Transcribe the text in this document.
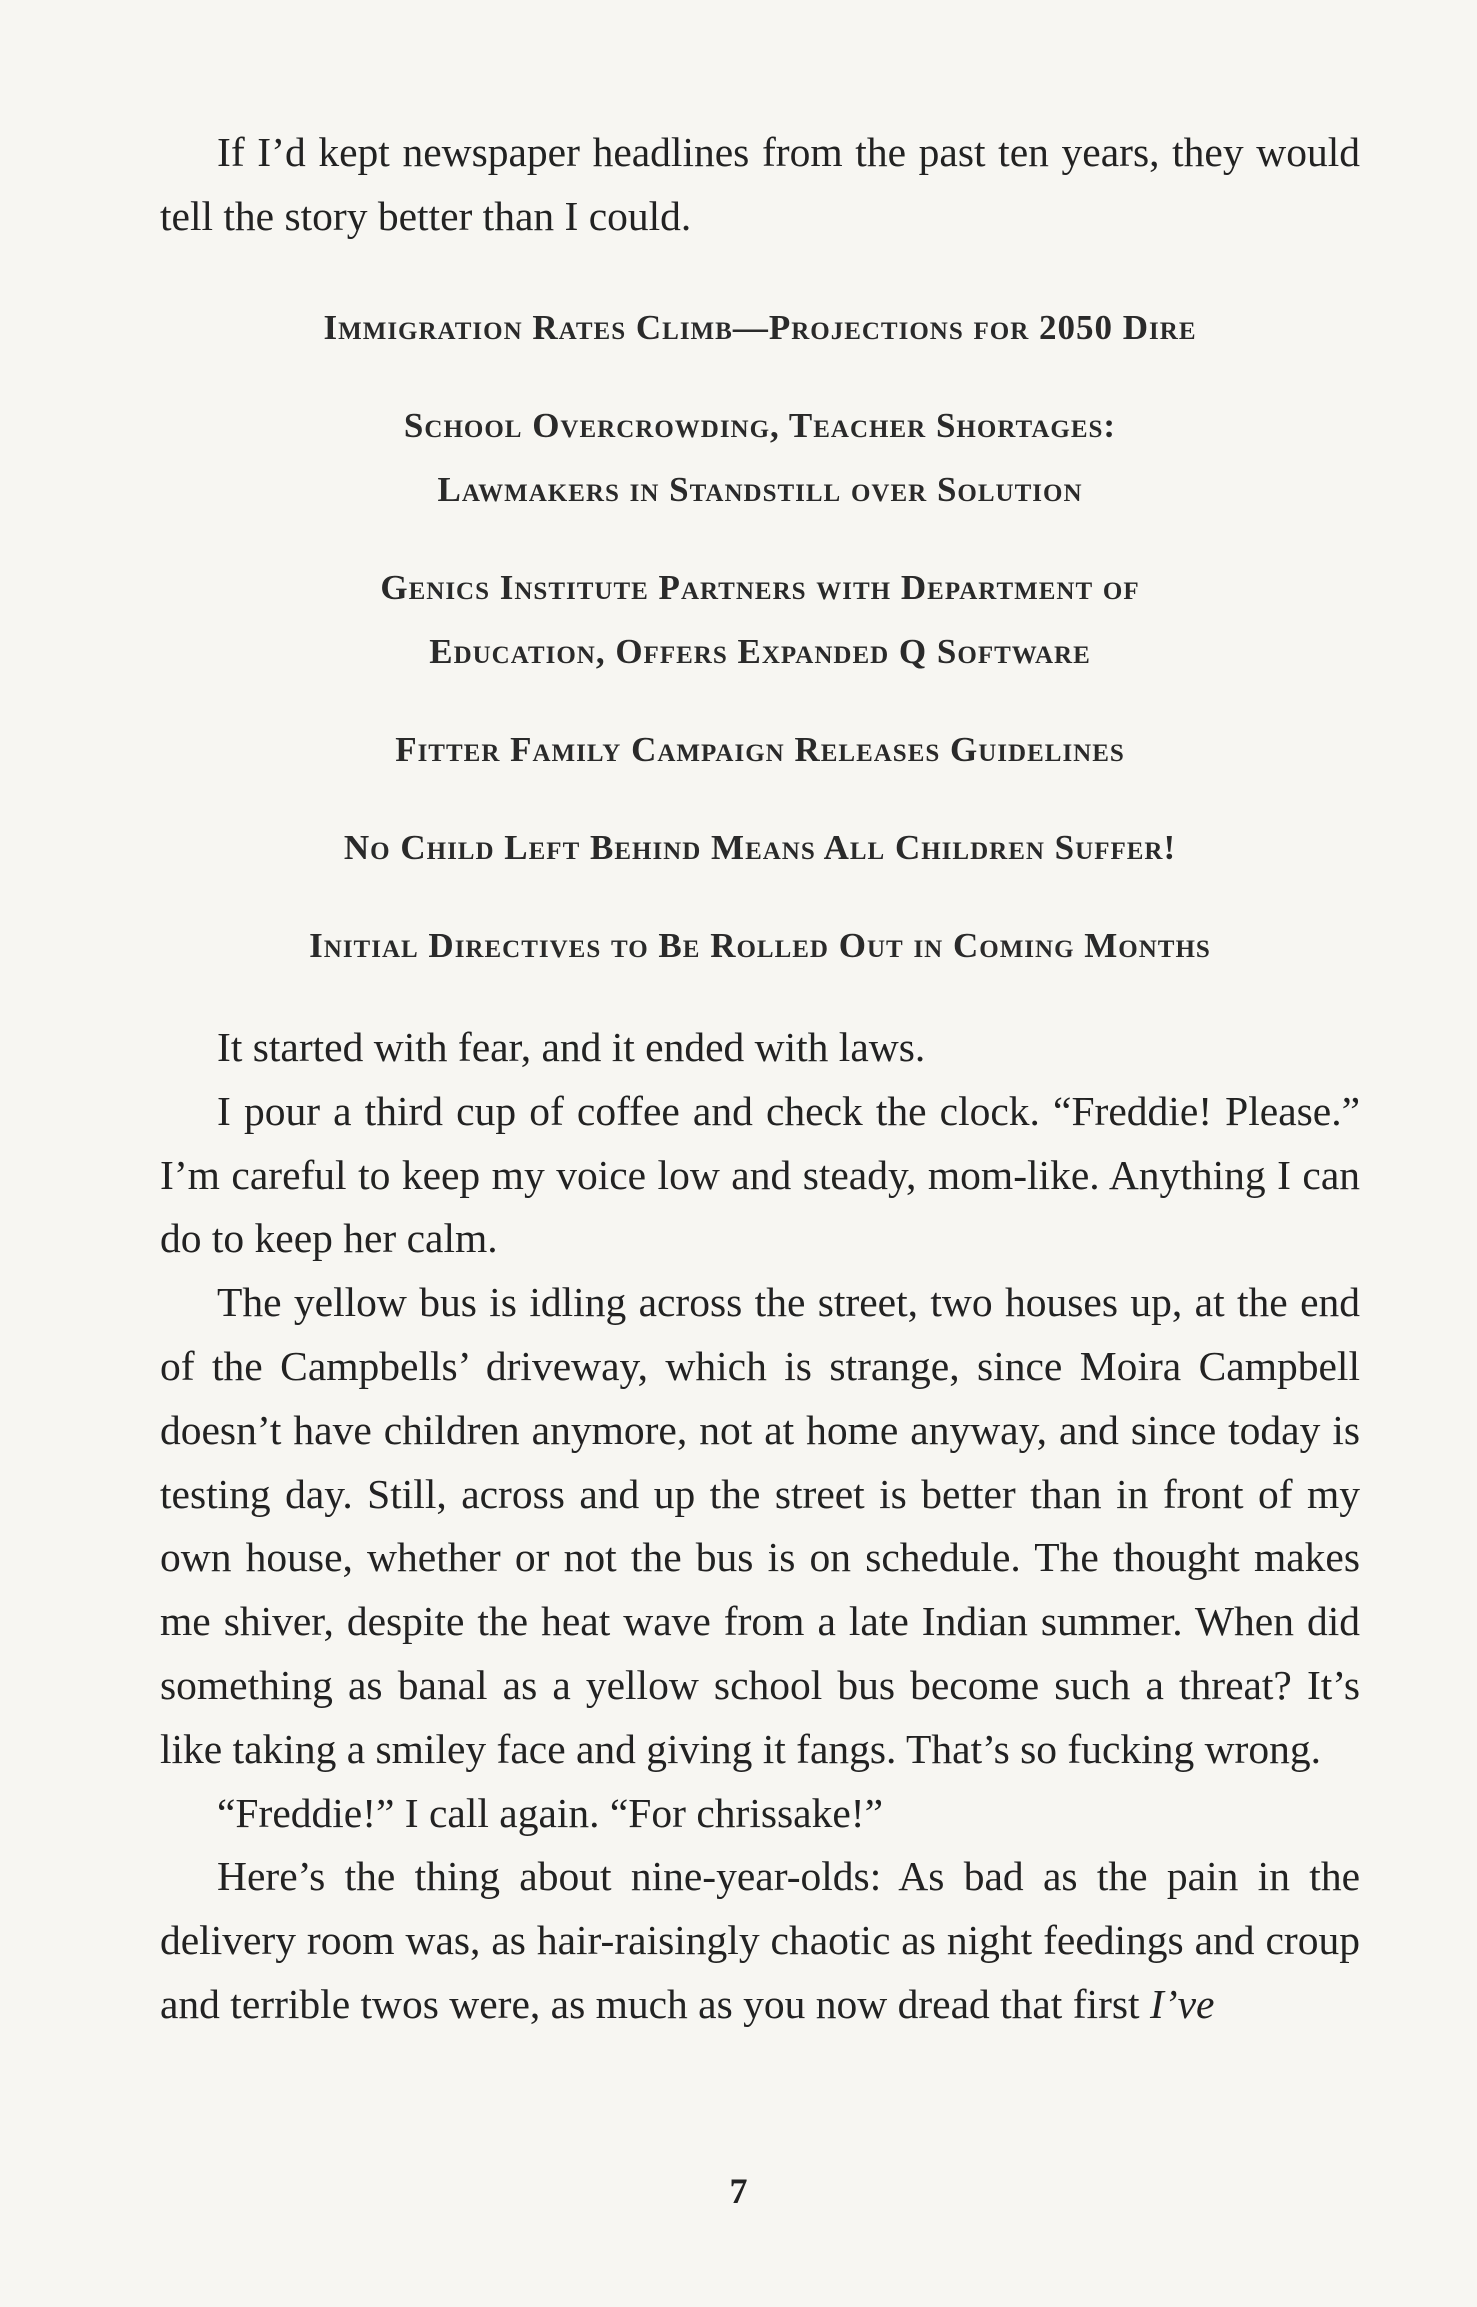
If I’d kept newspaper headlines from the past ten years, they would tell the story better than I could.

Immigration Rates Climb—Projections for 2050 Dire
School Overcrowding, Teacher Shortages:
Lawmakers in Standstill over Solution
Genics Institute Partners with Department of
Education, Offers Expanded Q Software
Fitter Family Campaign Releases Guidelines
No Child Left Behind Means All Children Suffer!
Initial Directives to Be Rolled Out in Coming Months

It started with fear, and it ended with laws.

I pour a third cup of coffee and check the clock. “Freddie! Please.” I’m careful to keep my voice low and steady, mom-like. Anything I can do to keep her calm.

The yellow bus is idling across the street, two houses up, at the end of the Campbells’ driveway, which is strange, since Moira Campbell doesn’t have children anymore, not at home anyway, and since today is testing day. Still, across and up the street is better than in front of my own house, whether or not the bus is on schedule. The thought makes me shiver, despite the heat wave from a late Indian summer. When did something as banal as a yellow school bus become such a threat? It’s like taking a smiley face and giving it fangs. That’s so fucking wrong.

“Freddie!” I call again. “For chrissake!”

Here’s the thing about nine-year-olds: As bad as the pain in the delivery room was, as hair-raisingly chaotic as night feedings and croup and terrible twos were, as much as you now dread that first I’ve

7
